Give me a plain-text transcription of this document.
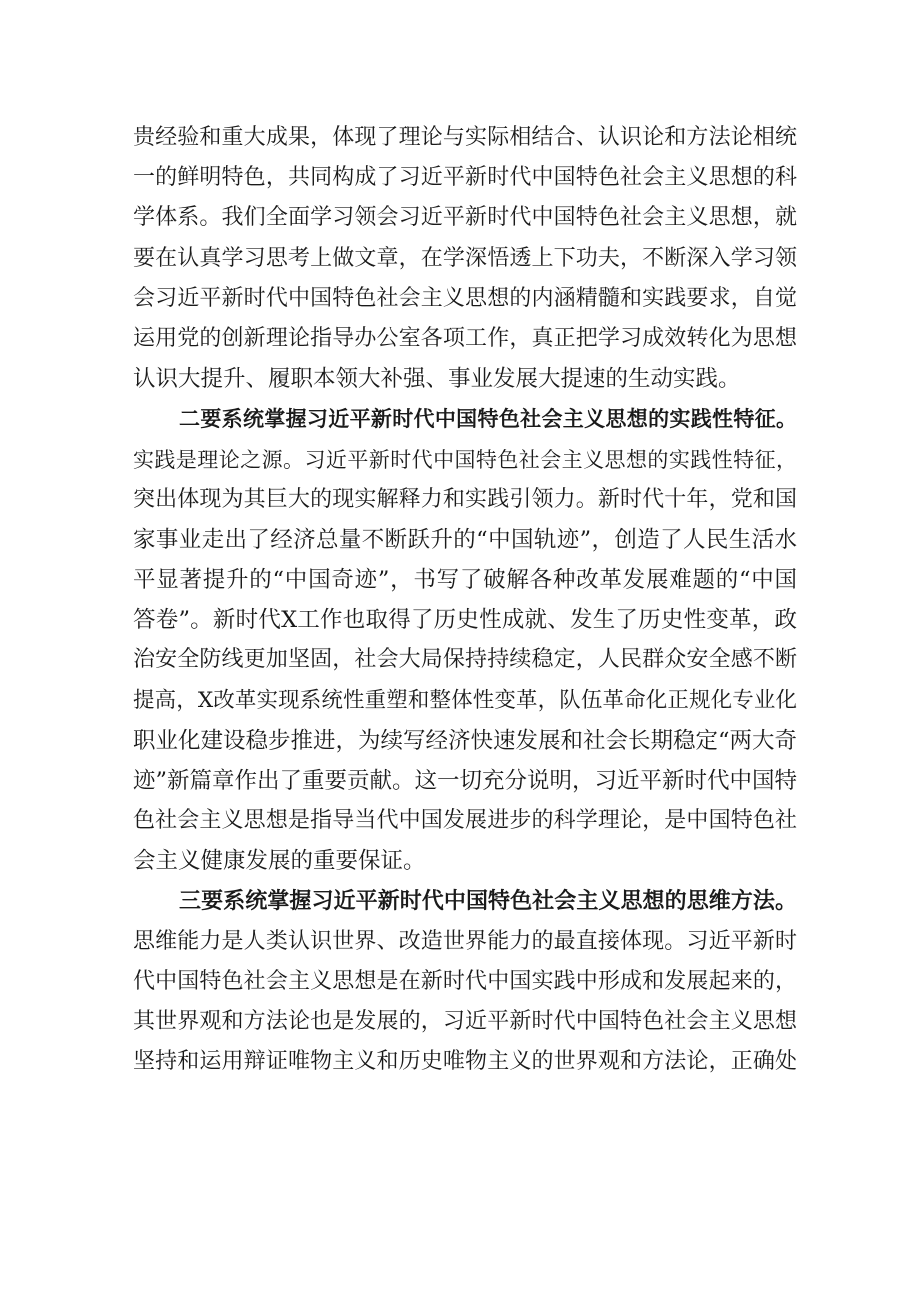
贵经验和重大成果，体现了理论与实际相结合、认识论和方法论相统
一的鲜明特色，共同构成了习近平新时代中国特色社会主义思想的科
学体系。我们全面学习领会习近平新时代中国特色社会主义思想，就
要在认真学习思考上做文章，在学深悟透上下功夫，不断深入学习领
会习近平新时代中国特色社会主义思想的内涵精髓和实践要求，自觉
运用党的创新理论指导办公室各项工作，真正把学习成效转化为思想
认识大提升、履职本领大补强、事业发展大提速的生动实践。
二要系统掌握习近平新时代中国特色社会主义思想的实践性特征。
实践是理论之源。习近平新时代中国特色社会主义思想的实践性特征，
突出体现为其巨大的现实解释力和实践引领力。新时代十年，党和国
家事业走出了经济总量不断跃升的“中国轨迹”，创造了人民生活水
平显著提升的“中国奇迹”，书写了破解各种改革发展难题的“中国
答卷”。新时代X工作也取得了历史性成就、发生了历史性变革，政
治安全防线更加坚固，社会大局保持持续稳定，人民群众安全感不断
提高，X改革实现系统性重塑和整体性变革，队伍革命化正规化专业化
职业化建设稳步推进，为续写经济快速发展和社会长期稳定“两大奇
迹”新篇章作出了重要贡献。这一切充分说明，习近平新时代中国特
色社会主义思想是指导当代中国发展进步的科学理论，是中国特色社
会主义健康发展的重要保证。
三要系统掌握习近平新时代中国特色社会主义思想的思维方法。
思维能力是人类认识世界、改造世界能力的最直接体现。习近平新时
代中国特色社会主义思想是在新时代中国实践中形成和发展起来的，
其世界观和方法论也是发展的，习近平新时代中国特色社会主义思想
坚持和运用辩证唯物主义和历史唯物主义的世界观和方法论，正确处
